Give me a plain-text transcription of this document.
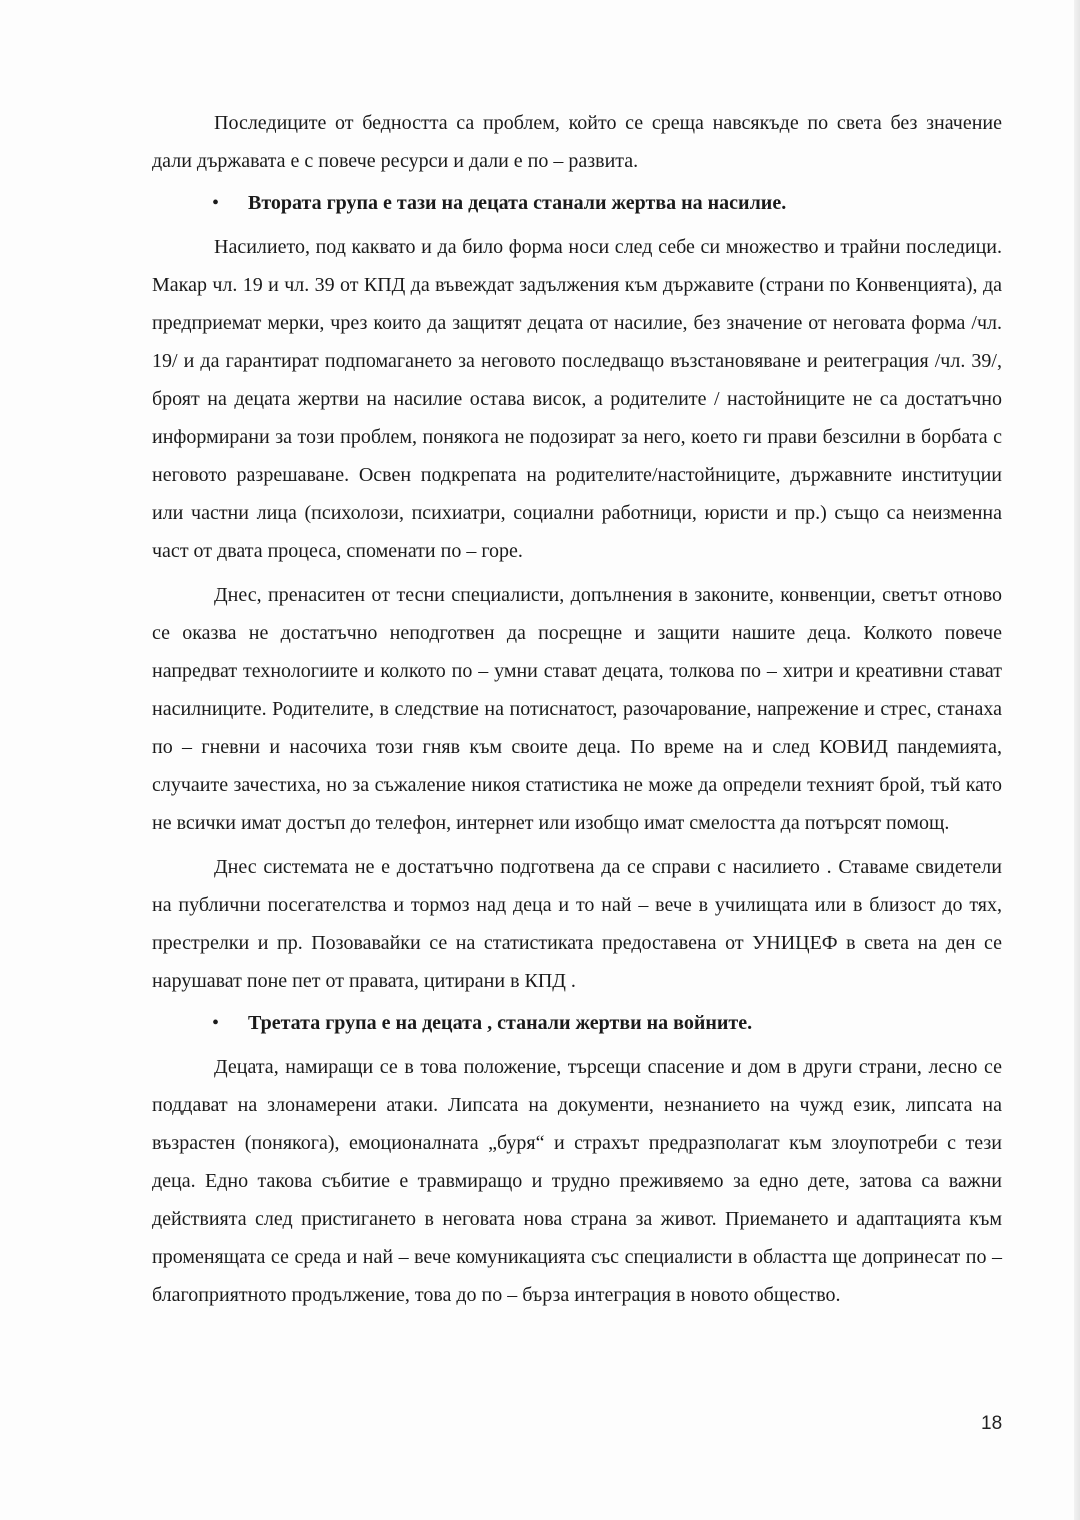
Последиците от бедността са проблем, който се среща навсякъде по света без значение дали държавата е с повече ресурси и дали е по – развита.

•	Втората група е тази на децата станали жертва на насилие.

Насилието, под каквато и да било форма носи след себе си множество и трайни последици. Макар чл. 19 и чл. 39 от КПД да въвеждат задължения към държавите (страни по Конвенцията), да предприемат мерки, чрез които да защитят децата от насилие, без значение от неговата форма /чл. 19/ и да гарантират подпомагането за неговото последващо възстановяване и реитеграция /чл. 39/, броят на децата жертви на насилие остава висок, а родителите / настойниците не са достатъчно информирани за този проблем, понякога не подозират за него, което ги прави безсилни в борбата с неговото разрешаване. Освен подкрепата на родителите/настойниците, държавните институции или частни лица (психолози, психиатри, социални работници, юристи и пр.) също са неизменна част от двата процеса, споменати по – горе.

Днес, пренаситен от тесни специалисти, допълнения в законите, конвенции, светът отново се оказва не достатъчно неподготвен да посрещне и защити нашите деца. Колкото повече напредват технологиите и колкото по – умни стават децата, толкова по – хитри и креативни стават насилниците. Родителите, в следствие на потиснатост, разочарование, напрежение и стрес, станаха по – гневни и насочиха този гняв към своите деца. По време на и след КОВИД пандемията, случаите зачестиха, но за съжаление никоя статистика не може да определи техният брой, тъй като не всички имат достъп до телефон, интернет или изобщо имат смелостта да потърсят помощ.

Днес системата не е достатъчно подготвена да се справи с насилието . Ставаме свидетели на публични посегателства и тормоз над деца и то най – вече в училищата или в близост до тях, престрелки и пр. Позовавайки се на статистиката предоставена от УНИЦЕФ в света на ден се нарушават поне пет от правата, цитирани в КПД .

•	Третата група е на децата , станали жертви на войните.

Децата, намиращи се в това положение, търсещи спасение и дом в други страни, лесно се поддават на злонамерени атаки. Липсата на документи, незнанието на чужд език, липсата на възрастен (понякога), емоционалната „буря“ и страхът предразполагат към злоупотреби с тези деца. Едно такова събитие е травмиращо и трудно преживяемо за едно дете, затова са важни действията след пристигането в неговата нова страна за живот. Приемането и адаптацията към променящата се среда и най – вече комуникацията със специалисти в областта ще допринесат по – благоприятното продължение, това до по – бърза интеграция в новото общество.

18
